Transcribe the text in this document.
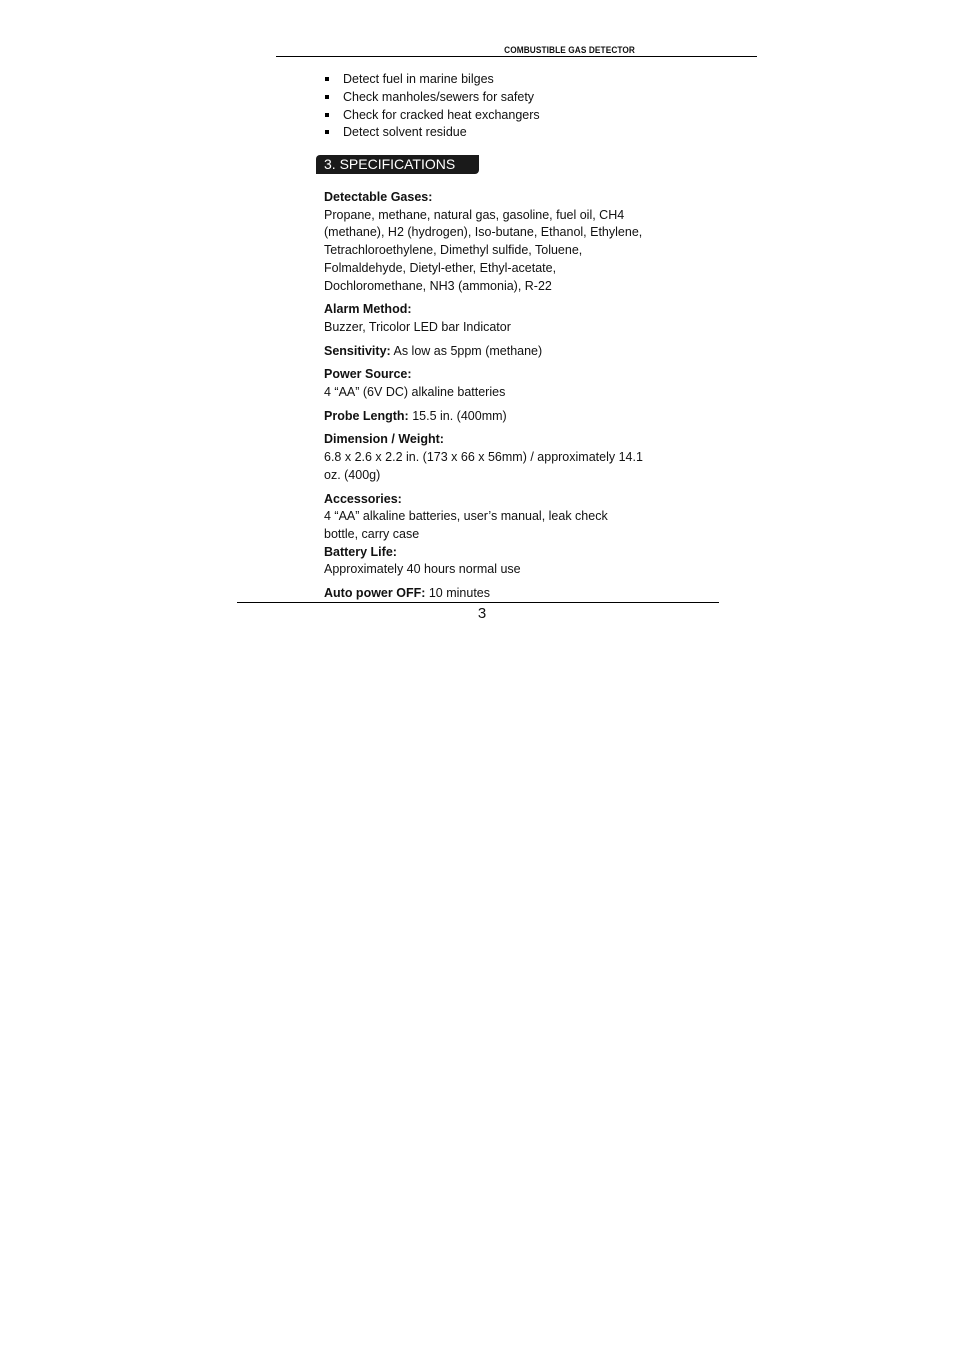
COMBUSTIBLE GAS DETECTOR
Detect fuel in marine bilges
Check manholes/sewers for safety
Check for cracked heat exchangers
Detect solvent residue
3. SPECIFICATIONS
Detectable Gases:
Propane, methane, natural gas, gasoline, fuel oil, CH4 (methane), H2 (hydrogen), Iso-butane, Ethanol, Ethylene, Tetrachloroethylene, Dimethyl sulfide, Toluene, Folmaldehyde, Dietyl-ether, Ethyl-acetate, Dochloromethane, NH3 (ammonia), R-22
Alarm Method:
Buzzer, Tricolor LED bar Indicator
Sensitivity: As low as 5ppm (methane)
Power Source:
4 “AA” (6V DC) alkaline batteries
Probe Length: 15.5 in. (400mm)
Dimension / Weight:
6.8 x 2.6 x 2.2 in. (173 x 66 x 56mm) / approximately 14.1 oz. (400g)
Accessories:
4 “AA” alkaline batteries, user’s manual, leak check bottle, carry case
Battery Life:
Approximately 40 hours normal use
Auto power OFF: 10 minutes
3
